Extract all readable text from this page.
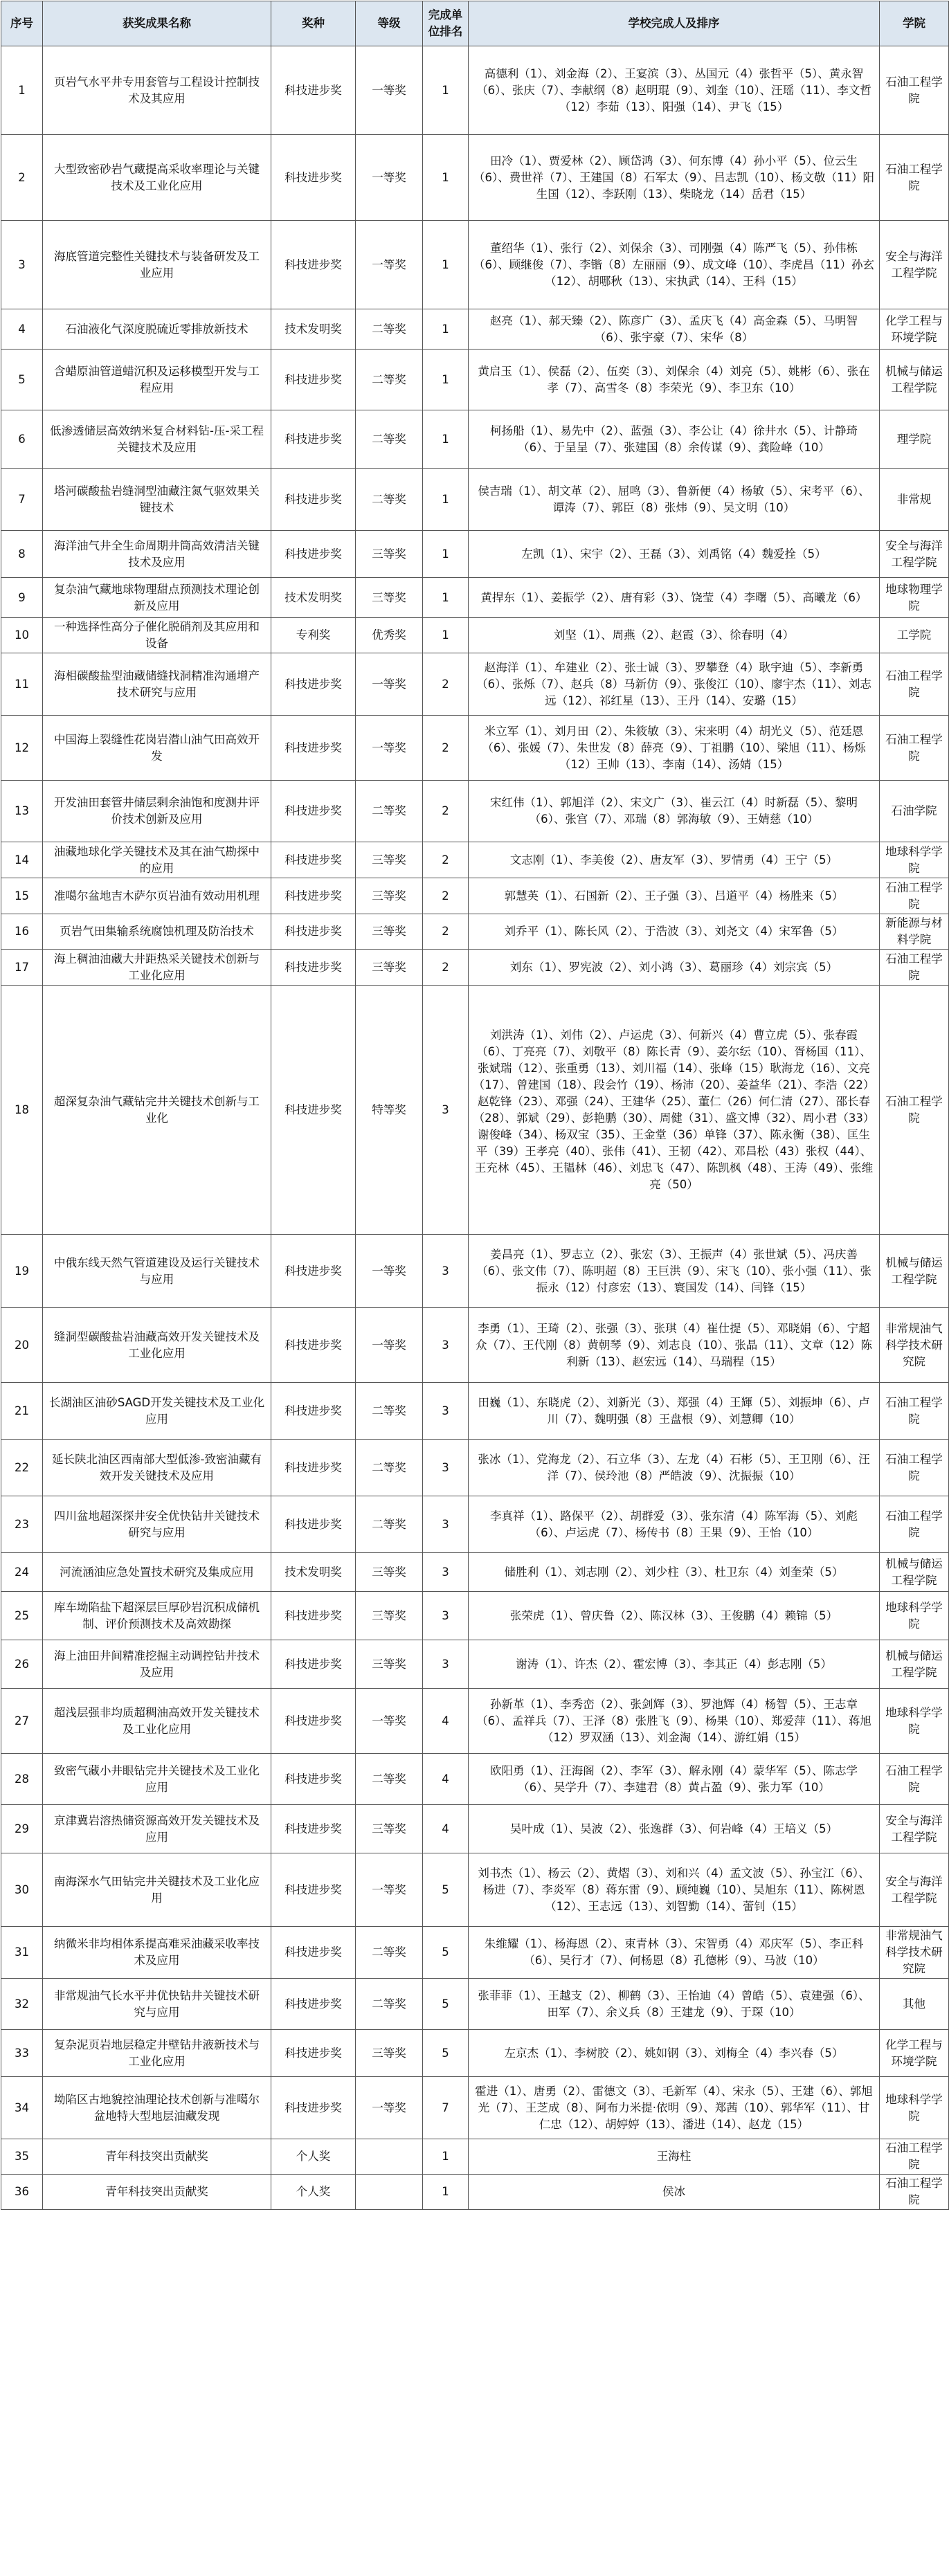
序号	获奖成果名称	奖种	等级	完成单位排名	学校完成人及排序	学院
1	页岩气水平井专用套管与工程设计控制技术及其应用	科技进步奖	一等奖	1	高德利（1）、刘金海（2）、王宴滨（3）、丛国元（4）张哲平（5）、黄永智（6）、张庆（7）、李献纲（8）赵明琨（9）、刘奎（10）、汪瑶（11）、李文哲（12）李茹（13）、阳强（14）、尹飞（15）	石油工程学院
2	大型致密砂岩气藏提高采收率理论与关键技术及工业化应用	科技进步奖	一等奖	1	田冷（1）、贾爱林（2）、顾岱鸿（3）、何东博（4）孙小平（5）、位云生（6）、费世祥（7）、王建国（8）石军太（9）、吕志凯（10）、杨文敬（11）阳生国（12）、李跃刚（13）、柴晓龙（14）岳君（15）	石油工程学院
3	海底管道完整性关键技术与装备研发及工业应用	科技进步奖	一等奖	1	董绍华（1）、张行（2）、刘保余（3）、司刚强（4）陈严飞（5）、孙伟栋（6）、顾继俊（7）、李锴（8）左丽丽（9）、成文峰（10）、李虎昌（11）孙玄（12）、胡哪秋（13）、宋执武（14）、王科（15）	安全与海洋工程学院
4	石油液化气深度脱硫近零排放新技术	技术发明奖	二等奖	1	赵亮（1）、郝天臻（2）、陈彦广（3）、孟庆飞（4）高金森（5）、马明智（6）、张宇豪（7）、宋华（8）	化学工程与环境学院
5	含蜡原油管道蜡沉积及运移模型开发与工程应用	科技进步奖	二等奖	1	黄启玉（1）、侯磊（2）、伍奕（3）、刘保余（4）刘亮（5）、姚彬（6）、张在孝（7）、高雪冬（8）李荣光（9）、李卫东（10）	机械与储运工程学院
6	低渗透储层高效纳米复合材料钻-压-采工程关键技术及应用	科技进步奖	二等奖	1	柯扬船（1）、易先中（2）、蓝强（3）、李公让（4）徐井水（5）、计静琦（6）、于呈呈（7）、张建国（8）余传谋（9）、龚险峰（10）	理学院
7	塔河碳酸盐岩缝洞型油藏注氮气驱效果关键技术	科技进步奖	二等奖	1	侯吉瑞（1）、胡文革（2）、屈鸣（3）、鲁新便（4）杨敏（5）、宋考平（6）、谭涛（7）、郭臣（8）张炜（9）、吴文明（10）	非常规
8	海洋油气井全生命周期井筒高效清洁关键技术及应用	科技进步奖	三等奖	1	左凯（1）、宋宇（2）、王磊（3）、刘禹铭（4）魏爱拴（5）	安全与海洋工程学院
9	复杂油气藏地球物理甜点预测技术理论创新及应用	技术发明奖	三等奖	1	黄捍东（1）、姜振学（2）、唐有彩（3）、饶莹（4）李曙（5）、高曦龙（6）	地球物理学院
10	一种选择性高分子催化脱硝剂及其应用和设备	专利奖	优秀奖	1	刘坚（1）、周燕（2）、赵霞（3）、徐春明（4）	工学院
11	海相碳酸盐型油藏储缝找洞精准沟通增产技术研究与应用	科技进步奖	一等奖	2	赵海洋（1）、牟建业（2）、张士诚（3）、罗攀登（4）耿宇迪（5）、李新勇（6）、张烁（7）、赵兵（8）马新仿（9）、张俊江（10）、廖宇杰（11）、刘志远（12）、祁红星（13）、王丹（14）、安璐（15）	石油工程学院
12	中国海上裂缝性花岗岩潜山油气田高效开发	科技进步奖	一等奖	2	米立军（1）、刘月田（2）、朱筱敏（3）、宋来明（4）胡光义（5）、范廷恩（6）、张媛（7）、朱世发（8）薛亮（9）、丁祖鹏（10）、梁旭（11）、杨烁（12）王帅（13）、李南（14）、汤婧（15）	石油工程学院
13	开发油田套管井储层剩余油饱和度测井评价技术创新及应用	科技进步奖	二等奖	2	宋红伟（1）、郭旭洋（2）、宋文广（3）、崔云江（4）时新磊（5）、黎明（6）、张宫（7）、邓瑞（8）郭海敏（9）、王婧慈（10）	石油学院
14	油藏地球化学关键技术及其在油气勘探中的应用	科技进步奖	三等奖	2	文志刚（1）、李美俊（2）、唐友军（3）、罗情勇（4）王宁（5）	地球科学学院
15	准噶尔盆地吉木萨尔页岩油有效动用机理	科技进步奖	三等奖	2	郭慧英（1）、石国新（2）、王子强（3）、吕道平（4）杨胜来（5）	石油工程学院
16	页岩气田集输系统腐蚀机理及防治技术	科技进步奖	三等奖	2	刘乔平（1）、陈长风（2）、于浩波（3）、刘尧文（4）宋军鲁（5）	新能源与材料学院
17	海上稠油油藏大井距热采关键技术创新与工业化应用	科技进步奖	三等奖	2	刘东（1）、罗宪波（2）、刘小鸿（3）、葛丽珍（4）刘宗宾（5）	石油工程学院
18	超深复杂油气藏钻完井关键技术创新与工业化	科技进步奖	特等奖	3	刘洪涛（1）、刘伟（2）、卢运虎（3）、何新兴（4）曹立虎（5）、张春霞（6）、丁亮亮（7）、刘敬平（8）陈长青（9）、姜尔纭（10）、胥杨国（11）、张斌瑞（12）、张重勇（13）、刘川福（14）、张峰（15）耿海龙（16）、文亮（17）、曾建国（18）、段会竹（19）、杨沛（20）、姜益华（21）、李浩（22）赵乾锋（23）、邓强（24）、王建华（25）、董仁（26）何仁清（27）、邵长春（28）、郭斌（29）、彭艳鹏（30）、周健（31）、盛文博（32）、周小君（33）谢俊峰（34）、杨双宝（35）、王金堂（36）单锋（37）、陈永衡（38）、匡生平（39）王孝亮（40）、张伟（41）、王韧（42）、邓昌松（43）张权（44）、王充林（45）、王韫林（46）、刘忠飞（47）、陈凯枫（48）、王涛（49）、张维亮（50）	石油工程学院
19	中俄东线天然气管道建设及运行关键技术与应用	科技进步奖	一等奖	3	姜昌亮（1）、罗志立（2）、张宏（3）、王振声（4）张世斌（5）、冯庆善（6）、张文伟（7）、陈明超（8）王巨洪（9）、宋飞（10）、张小强（11）、张振永（12）付彦宏（13）、寰国发（14）、闫锋（15）	机械与储运工程学院
20	缝洞型碳酸盐岩油藏高效开发关键技术及工业化应用	科技进步奖	一等奖	3	李勇（1）、王琦（2）、张强（3）、张琪（4）崔仕提（5）、邓晓娟（6）、宁超众（7）、王代刚（8）黄朝琴（9）、刘志良（10）、张晶（11）、文章（12）陈利新（13）、赵宏远（14）、马瑞程（15）	非常规油气科学技术研究院
21	长湖油区油砂SAGD开发关键技术及工业化应用	科技进步奖	二等奖	3	田巍（1）、东晓虎（2）、刘新光（3）、郑强（4）王輝（5）、刘振坤（6）、卢川（7）、魏明强（8）王盘根（9）、刘慧卿（10）	石油工程学院
22	延长陕北油区西南部大型低渗-致密油藏有效开发关键技术及应用	科技进步奖	二等奖	3	张冰（1）、党海龙（2）、石立华（3）、左龙（4）石彬（5）、王卫刚（6）、汪洋（7）、侯玲池（8）严皓波（9）、沈振振（10）	石油工程学院
23	四川盆地超深探井安全优快钻井关键技术研究与应用	科技进步奖	二等奖	3	李真祥（1）、路保平（2）、胡群爱（3）、张东清（4）陈军海（5）、刘彪（6）、卢运虎（7）、杨传书（8）王果（9）、王怡（10）	石油工程学院
24	河流涵油应急处置技术研究及集成应用	技术发明奖	三等奖	3	储胜利（1）、刘志刚（2）、刘少柱（3）、杜卫东（4）刘奎荣（5）	机械与储运工程学院
25	库车坳陷盐下超深层巨厚砂岩沉积成储机制、评价预测技术及高效勘探	科技进步奖	三等奖	3	张荣虎（1）、曾庆鲁（2）、陈汉林（3）、王俊鹏（4）赖锦（5）	地球科学学院
26	海上油田井间精准挖掘主动调控钻井技术及应用	科技进步奖	三等奖	3	谢涛（1）、许杰（2）、霍宏博（3）、李其正（4）彭志刚（5）	机械与储运工程学院
27	超浅层强非均质超稠油高效开发关键技术及工业化应用	科技进步奖	一等奖	4	孙新革（1）、李秀峦（2）、张剑辉（3）、罗池辉（4）杨智（5）、王志章（6）、孟祥兵（7）、王泽（8）张胜飞（9）、杨果（10）、郑爱萍（11）、蒋旭（12）罗双涵（13）、刘金淘（14）、游红娟（15）	地球科学学院
28	致密气藏小井眼钻完井关键技术及工业化应用	科技进步奖	二等奖	4	欧阳勇（1）、汪海阁（2）、李军（3）、解永刚（4）蒙华军（5）、陈志学（6）、吴学升（7）、李建君（8）黄占盈（9）、张力军（10）	石油工程学院
29	京津冀岩溶热储资源高效开发关键技术及应用	科技进步奖	三等奖	4	吴叶成（1）、吴波（2）、张逸群（3）、何岩峰（4）王培义（5）	安全与海洋工程学院
30	南海深水气田钻完井关键技术及工业化应用	科技进步奖	一等奖	5	刘书杰（1）、杨云（2）、黄熠（3）、刘和兴（4）孟文波（5）、孙宝江（6）、杨进（7）、李炎军（8）蒋东雷（9）、顾纯巍（10）、吴旭东（11）、陈树恩（12）、王志远（13）、刘智勤（14）、蕾钊（15）	安全与海洋工程学院
31	纳微米非均相体系提高难采油藏采收率技术及应用	科技进步奖	二等奖	5	朱维耀（1）、杨海恩（2）、束青林（3）、宋智勇（4）邓庆军（5）、李正科（6）、吴行才（7）、何杨恩（8）孔德彬（9）、马波（10）	非常规油气科学技术研究院
32	非常规油气长水平井优快钻井关键技术研究与应用	科技进步奖	二等奖	5	张菲菲（1）、王越支（2）、柳鹤（3）、王怡迪（4）曾皓（5）、袁建强（6）、田军（7）、余义兵（8）王建龙（9）、于琛（10）	其他
33	复杂泥页岩地层稳定井壁钻井液新技术与工业化应用	科技进步奖	三等奖	5	左京杰（1）、李树胶（2）、姚如钢（3）、刘梅全（4）李兴春（5）	化学工程与环境学院
34	坳陷区古地貌控油理论技术创新与准噶尔盆地特大型地层油藏发现	科技进步奖	一等奖	7	霍进（1）、唐勇（2）、雷德文（3）、毛新军（4）、宋永（5）、王建（6）、郭旭光（7）、王芝成（8）、阿布力米提·依明（9）、郑茜（10）、郭华军（11）、甘仁忠（12）、胡婷婷（13）、潘进（14）、赵龙（15）	地球科学学院
35	青年科技突出贡献奖	个人奖		1	王海柱	石油工程学院
36	青年科技突出贡献奖	个人奖		1	侯冰	石油工程学院
